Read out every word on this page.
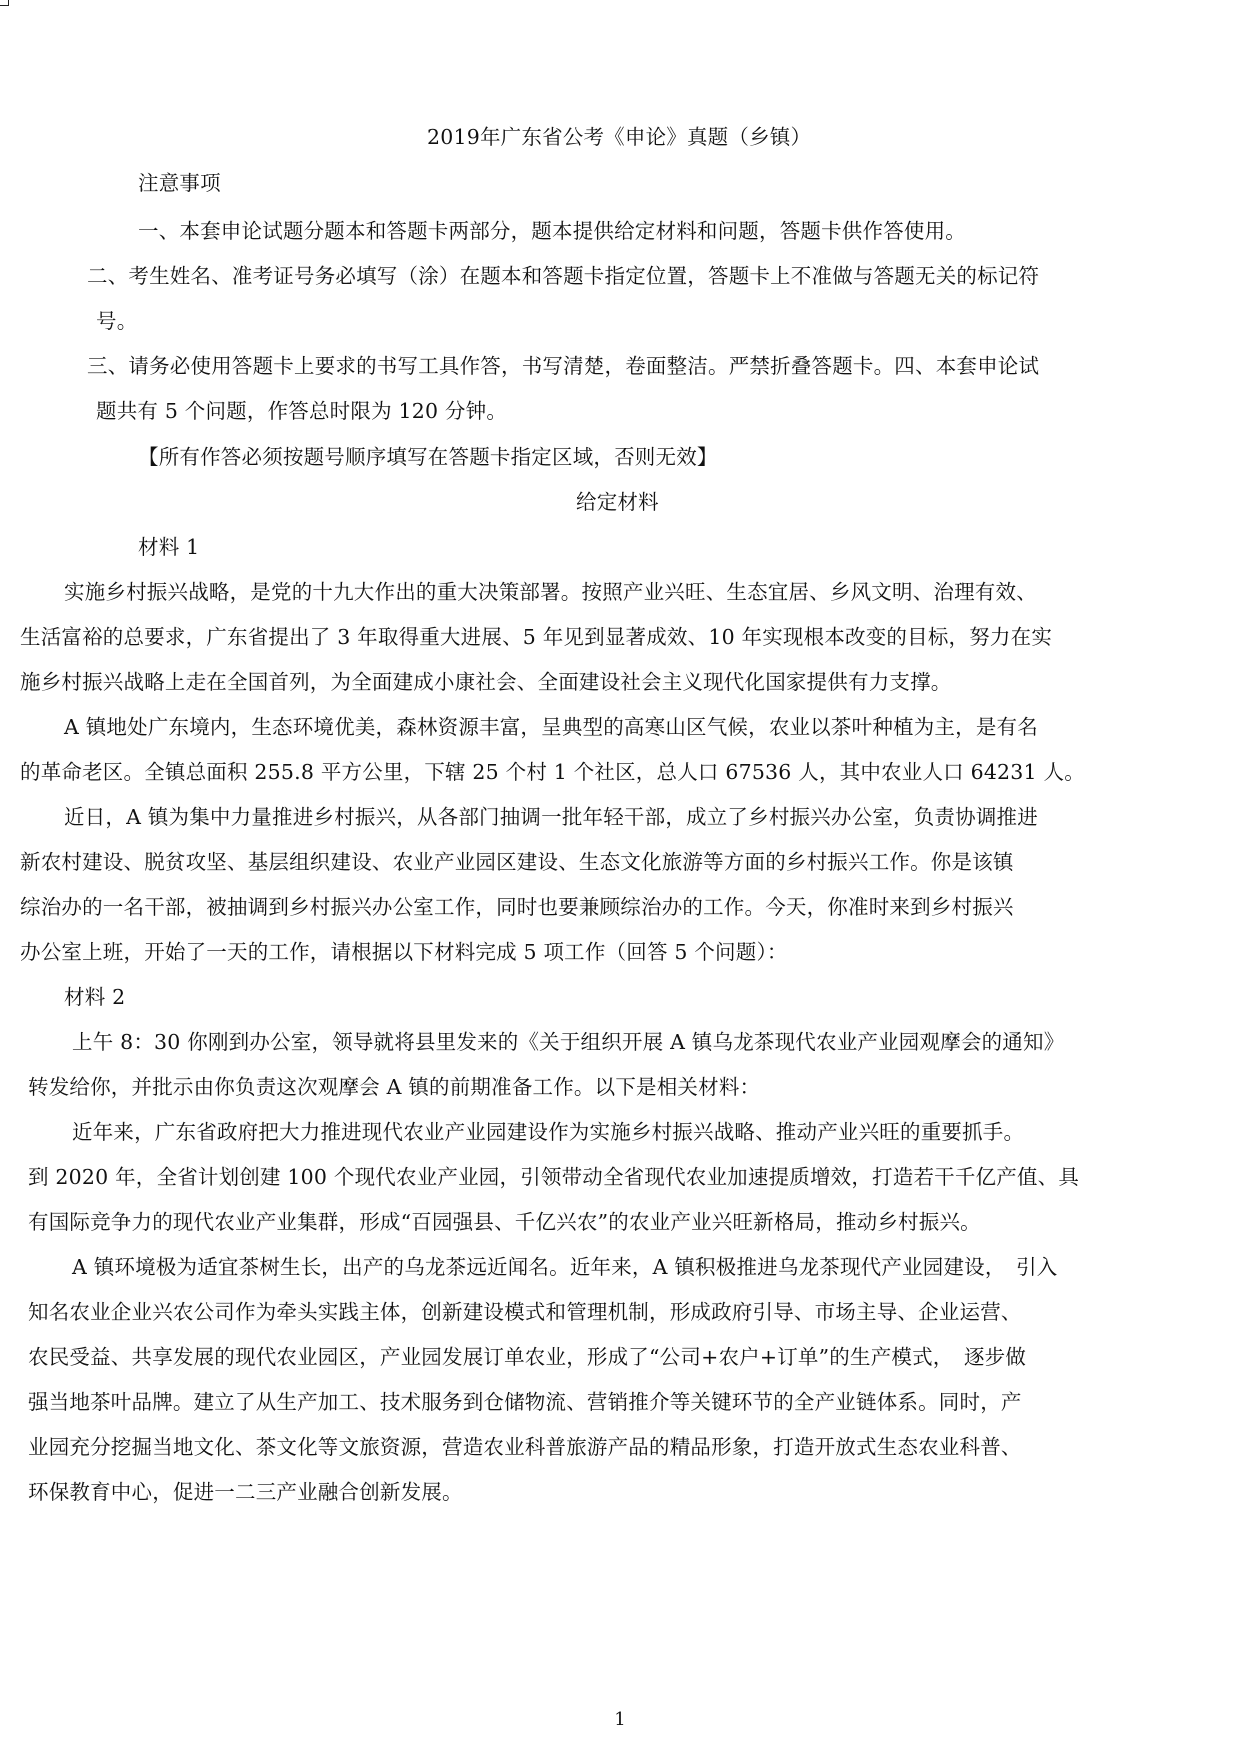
2019年广东省公考《申论》真题（乡镇）
注意事项
一、本套申论试题分题本和答题卡两部分，题本提供给定材料和问题，答题卡供作答使用。
二、考生姓名、准考证号务必填写（涂）在题本和答题卡指定位置，答题卡上不准做与答题无关的标记符
号。
三、请务必使用答题卡上要求的书写工具作答，书写清楚，卷面整洁。严禁折叠答题卡。四、本套申论试
题共有 5 个问题，作答总时限为 120 分钟。
【所有作答必须按题号顺序填写在答题卡指定区域，否则无效】
给定材料
材料 1
实施乡村振兴战略，是党的十九大作出的重大决策部署。按照产业兴旺、生态宜居、乡风文明、治理有效、
生活富裕的总要求，广东省提出了 3 年取得重大进展、5 年见到显著成效、10 年实现根本改变的目标，努力在实
施乡村振兴战略上走在全国首列，为全面建成小康社会、全面建设社会主义现代化国家提供有力支撑。
A 镇地处广东境内，生态环境优美，森林资源丰富，呈典型的高寒山区气候，农业以茶叶种植为主，是有名
的革命老区。全镇总面积 255.8 平方公里，下辖 25 个村 1 个社区，总人口 67536 人，其中农业人口 64231 人。
近日，A 镇为集中力量推进乡村振兴，从各部门抽调一批年轻干部，成立了乡村振兴办公室，负责协调推进
新农村建设、脱贫攻坚、基层组织建设、农业产业园区建设、生态文化旅游等方面的乡村振兴工作。你是该镇
综治办的一名干部，被抽调到乡村振兴办公室工作，同时也要兼顾综治办的工作。今天，你准时来到乡村振兴
办公室上班，开始了一天的工作，请根据以下材料完成 5 项工作（回答 5 个问题）：
材料 2
上午 8：30 你刚到办公室，领导就将县里发来的《关于组织开展 A 镇乌龙茶现代农业产业园观摩会的通知》
转发给你，并批示由你负责这次观摩会 A 镇的前期准备工作。以下是相关材料：
近年来，广东省政府把大力推进现代农业产业园建设作为实施乡村振兴战略、推动产业兴旺的重要抓手。
到 2020 年，全省计划创建 100 个现代农业产业园，引领带动全省现代农业加速提质增效，打造若干千亿产值、具
有国际竞争力的现代农业产业集群，形成“百园强县、千亿兴农”的农业产业兴旺新格局，推动乡村振兴。
A 镇环境极为适宜茶树生长，出产的乌龙茶远近闻名。近年来，A 镇积极推进乌龙茶现代产业园建设，　引入
知名农业企业兴农公司作为牵头实践主体，创新建设模式和管理机制，形成政府引导、市场主导、企业运营、
农民受益、共享发展的现代农业园区，产业园发展订单农业，形成了“公司+农户+订单”的生产模式，　逐步做
强当地茶叶品牌。建立了从生产加工、技术服务到仓储物流、营销推介等关键环节的全产业链体系。同时，产
业园充分挖掘当地文化、茶文化等文旅资源，营造农业科普旅游产品的精品形象，打造开放式生态农业科普、
环保教育中心，促进一二三产业融合创新发展。
1
